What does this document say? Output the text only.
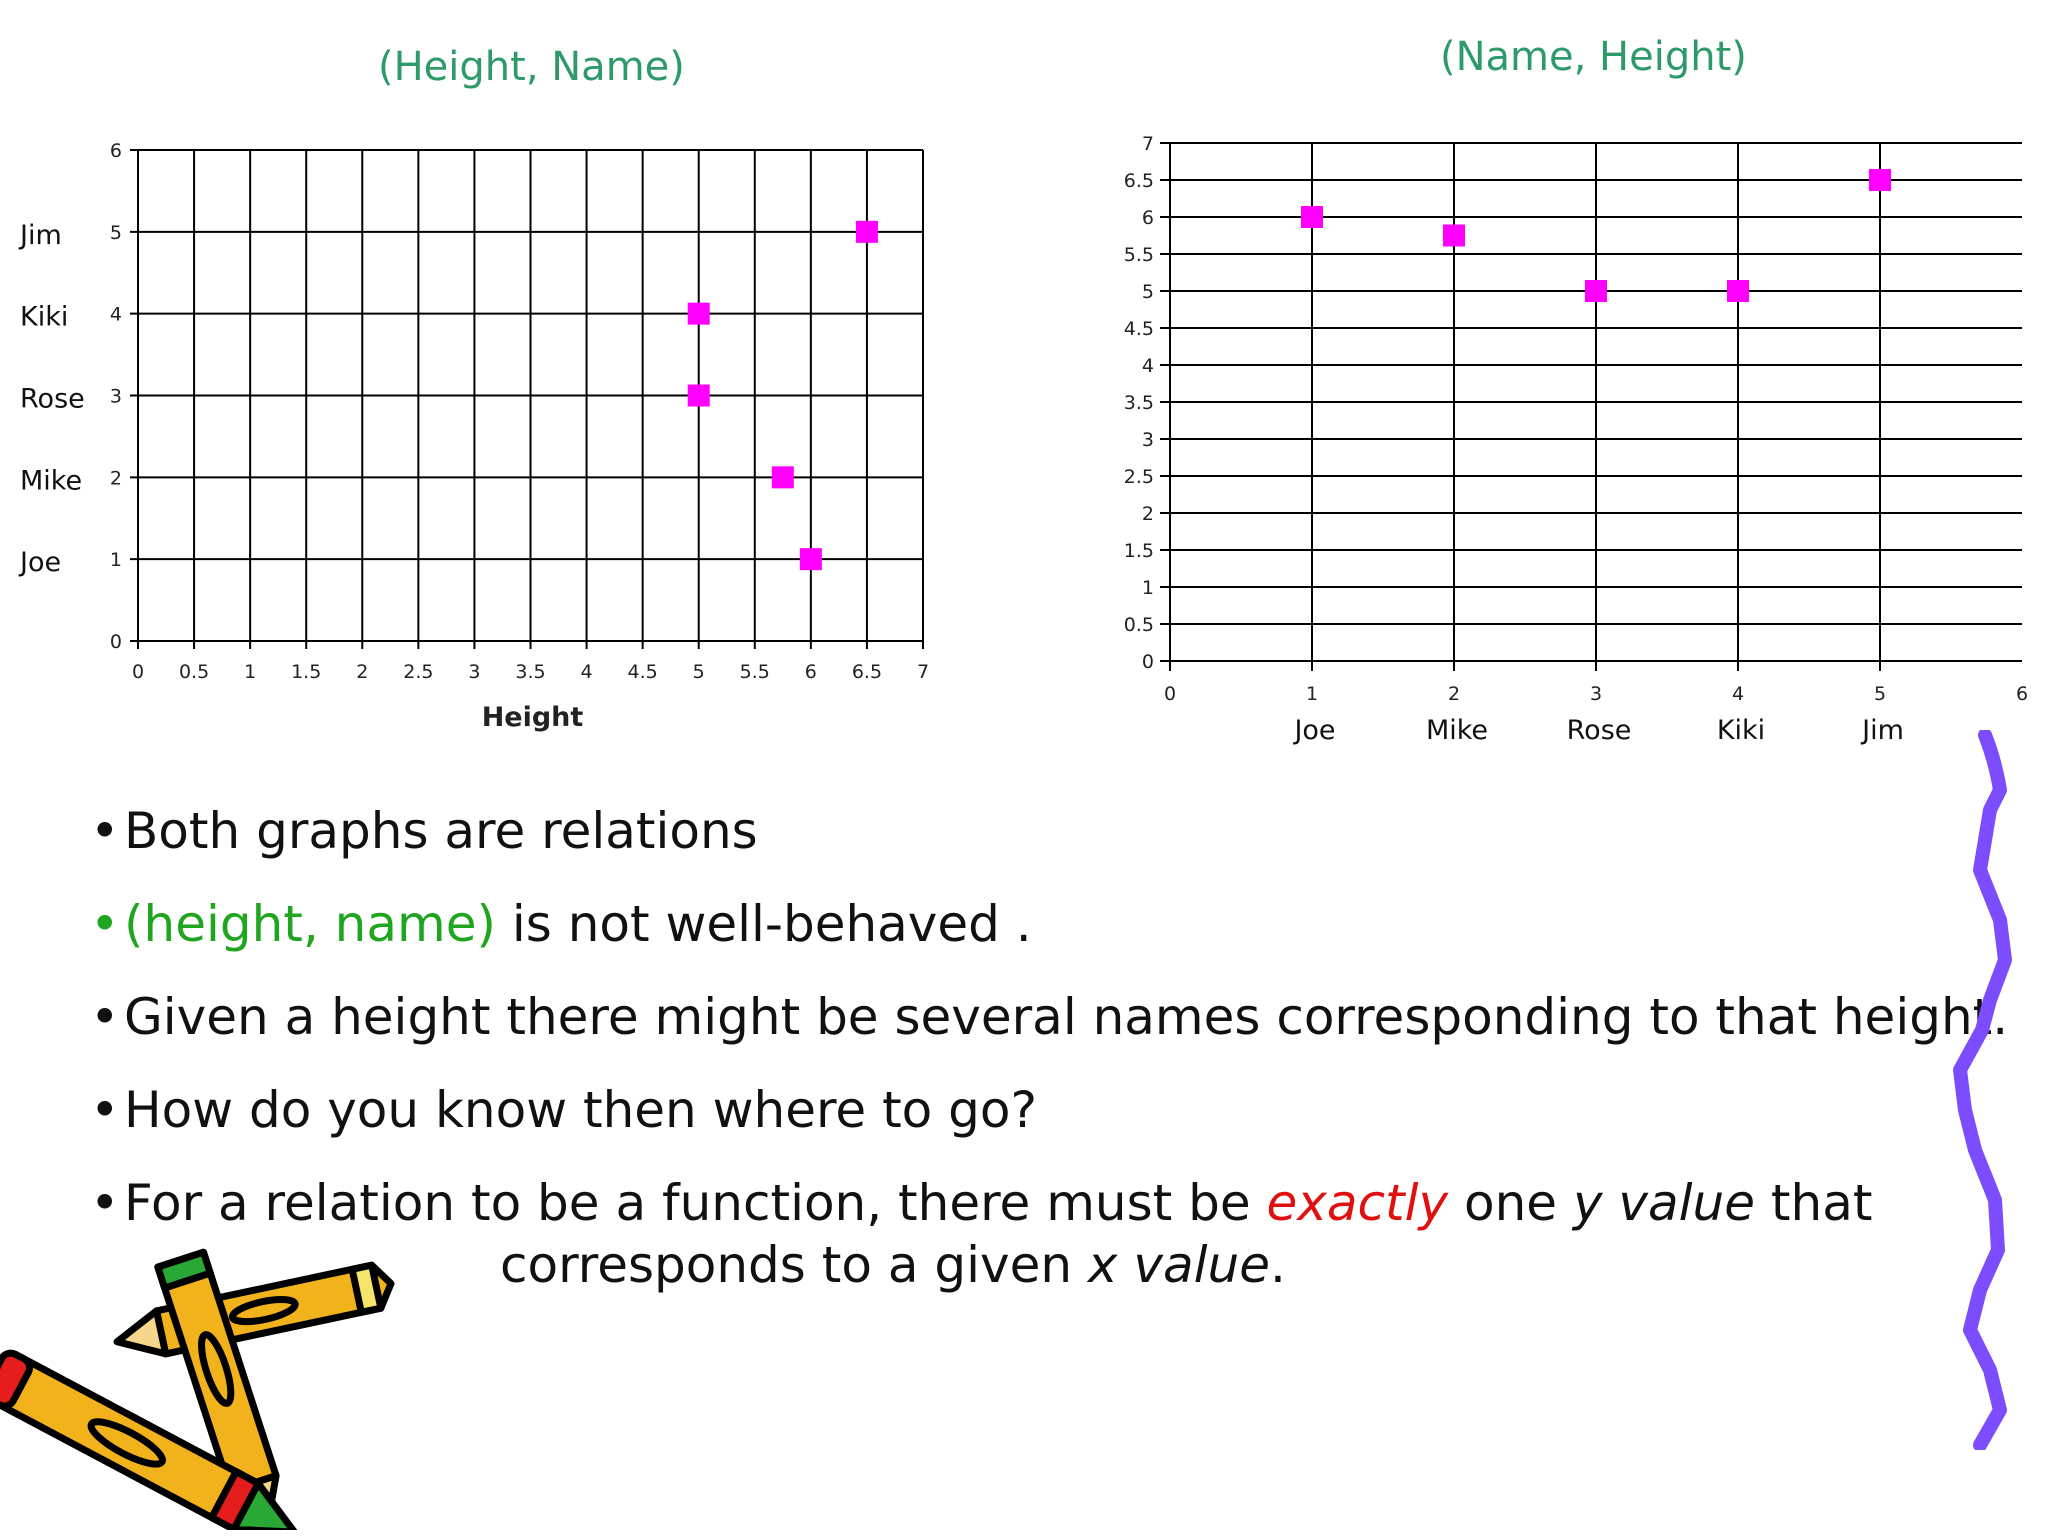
(Height, Name)	(Name, Height)
0 0.5 1 1.5 2 2.5 3 3.5 4 4.5 5 5.5 6 6.5 7
0
1
2
3
4
5
6
Joe
Mike
Rose
Kiki
Jim
Height
0
0.5
1
1.5
2
2.5
3
3.5
4
4.5
5
5.5
6
6.5
7
0	1	2	3	4	5	6
Joe	Mike	Rose	Kiki	Jim
• Both graphs are relations
• (height, name) is not well-behaved .
• Given a height there might be several names corresponding to that height.
• How do you know then where to go?
• For a relation to be a function, there must be exactly one y value that
corresponds to a given x value.
